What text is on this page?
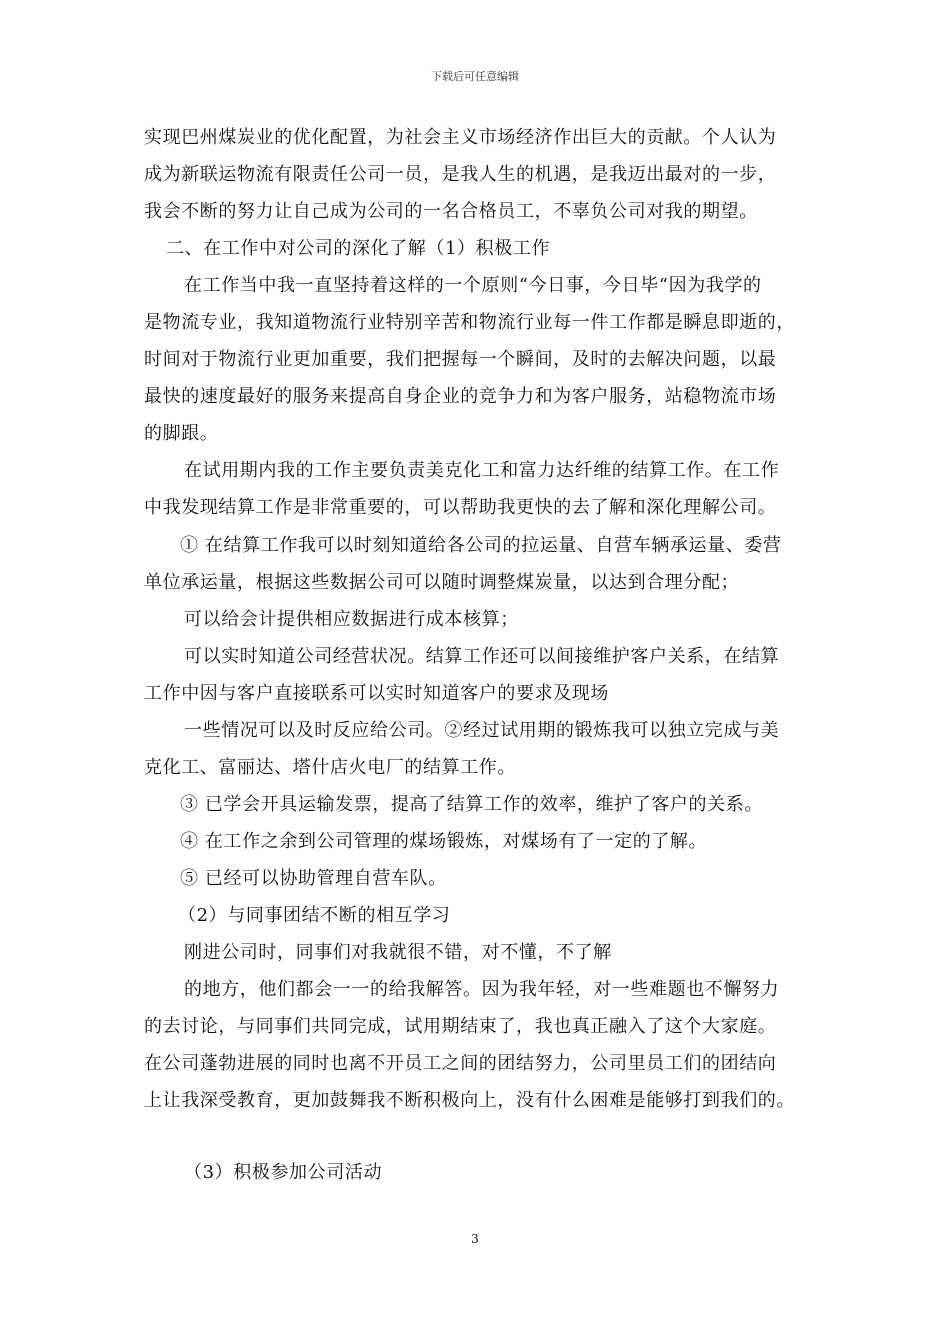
下载后可任意编辑
实现巴州煤炭业的优化配置，为社会主义市场经济作出巨大的贡献。个人认为
成为新联运物流有限责任公司一员，是我人生的机遇，是我迈出最对的一步，
我会不断的努力让自己成为公司的一名合格员工，不辜负公司对我的期望。
二、在工作中对公司的深化了解（1）积极工作
在工作当中我一直坚持着这样的一个原则“今日事，今日毕“因为我学的
是物流专业，我知道物流行业特别辛苦和物流行业每一件工作都是瞬息即逝的，
时间对于物流行业更加重要，我们把握每一个瞬间，及时的去解决问题，以最
最快的速度最好的服务来提高自身企业的竞争力和为客户服务，站稳物流市场
的脚跟。
在试用期内我的工作主要负责美克化工和富力达纤维的结算工作。在工作
中我发现结算工作是非常重要的，可以帮助我更快的去了解和深化理解公司。
① 在结算工作我可以时刻知道给各公司的拉运量、自营车辆承运量、委营
单位承运量，根据这些数据公司可以随时调整煤炭量，以达到合理分配；
可以给会计提供相应数据进行成本核算；
可以实时知道公司经营状况。结算工作还可以间接维护客户关系，在结算
工作中因与客户直接联系可以实时知道客户的要求及现场
一些情况可以及时反应给公司。②经过试用期的锻炼我可以独立完成与美
克化工、富丽达、塔什店火电厂的结算工作。
③ 已学会开具运输发票，提高了结算工作的效率，维护了客户的关系。
④ 在工作之余到公司管理的煤场锻炼，对煤场有了一定的了解。
⑤ 已经可以协助管理自营车队。
（2）与同事团结不断的相互学习
刚进公司时，同事们对我就很不错，对不懂，不了解
的地方，他们都会一一的给我解答。因为我年轻，对一些难题也不懈努力
的去讨论，与同事们共同完成，试用期结束了，我也真正融入了这个大家庭。
在公司蓬勃进展的同时也离不开员工之间的团结努力，公司里员工们的团结向
上让我深受教育，更加鼓舞我不断积极向上，没有什么困难是能够打到我们的。
（3）积极参加公司活动
3
